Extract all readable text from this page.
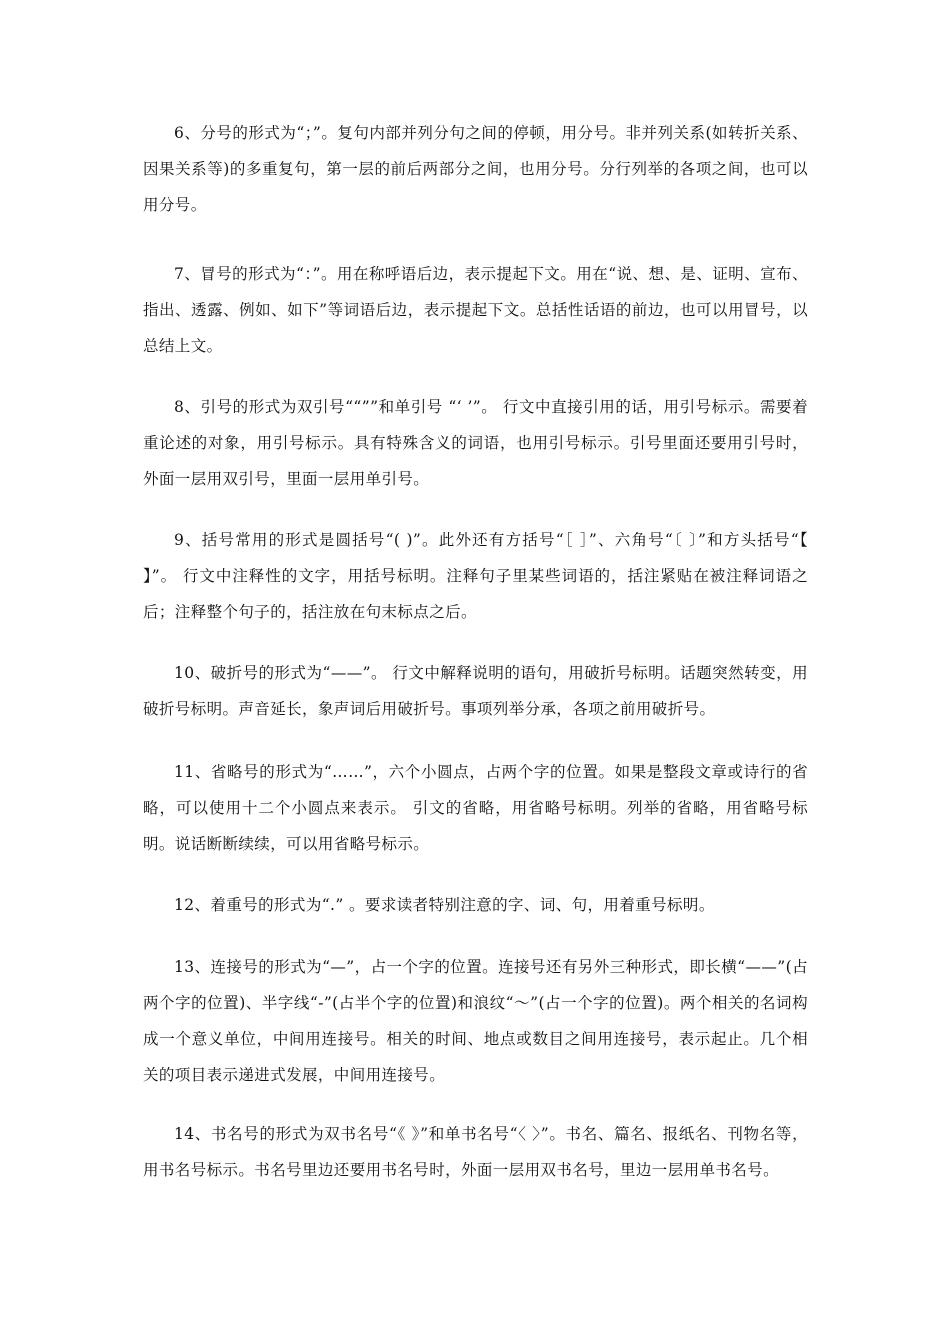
6、分号的形式为“；”。复句内部并列分句之间的停顿，用分号。非并列关系(如转折关系、因果关系等)的多重复句，第一层的前后两部分之间，也用分号。分行列举的各项之间，也可以用分号。

7、冒号的形式为“：”。用在称呼语后边，表示提起下文。用在“说、想、是、证明、宣布、指出、透露、例如、如下”等词语后边，表示提起下文。总括性话语的前边，也可以用冒号，以总结上文。

8、引号的形式为双引号““””和单引号 “‘ ’”。 行文中直接引用的话，用引号标示。需要着重论述的对象，用引号标示。具有特殊含义的词语，也用引号标示。引号里面还要用引号时，外面一层用双引号，里面一层用单引号。

9、括号常用的形式是圆括号“( )”。此外还有方括号“［ ］”、六角号“〔 〕”和方头括号“【 】”。 行文中注释性的文字，用括号标明。注释句子里某些词语的，括注紧贴在被注释词语之后；注释整个句子的，括注放在句末标点之后。

10、破折号的形式为“——”。 行文中解释说明的语句，用破折号标明。话题突然转变，用破折号标明。声音延长，象声词后用破折号。事项列举分承，各项之前用破折号。

11、省略号的形式为“……”，六个小圆点，占两个字的位置。如果是整段文章或诗行的省略，可以使用十二个小圆点来表示。 引文的省略，用省略号标明。列举的省略，用省略号标明。说话断断续续，可以用省略号标示。

12、着重号的形式为“.” 。要求读者特别注意的字、词、句，用着重号标明。

13、连接号的形式为“—”，占一个字的位置。连接号还有另外三种形式，即长横“——”(占两个字的位置)、半字线“-”(占半个字的位置)和浪纹“～”(占一个字的位置)。两个相关的名词构成一个意义单位，中间用连接号。相关的时间、地点或数目之间用连接号，表示起止。几个相关的项目表示递进式发展，中间用连接号。

14、书名号的形式为双书名号“《 》”和单书名号“〈 〉”。书名、篇名、报纸名、刊物名等，用书名号标示。书名号里边还要用书名号时，外面一层用双书名号，里边一层用单书名号。
